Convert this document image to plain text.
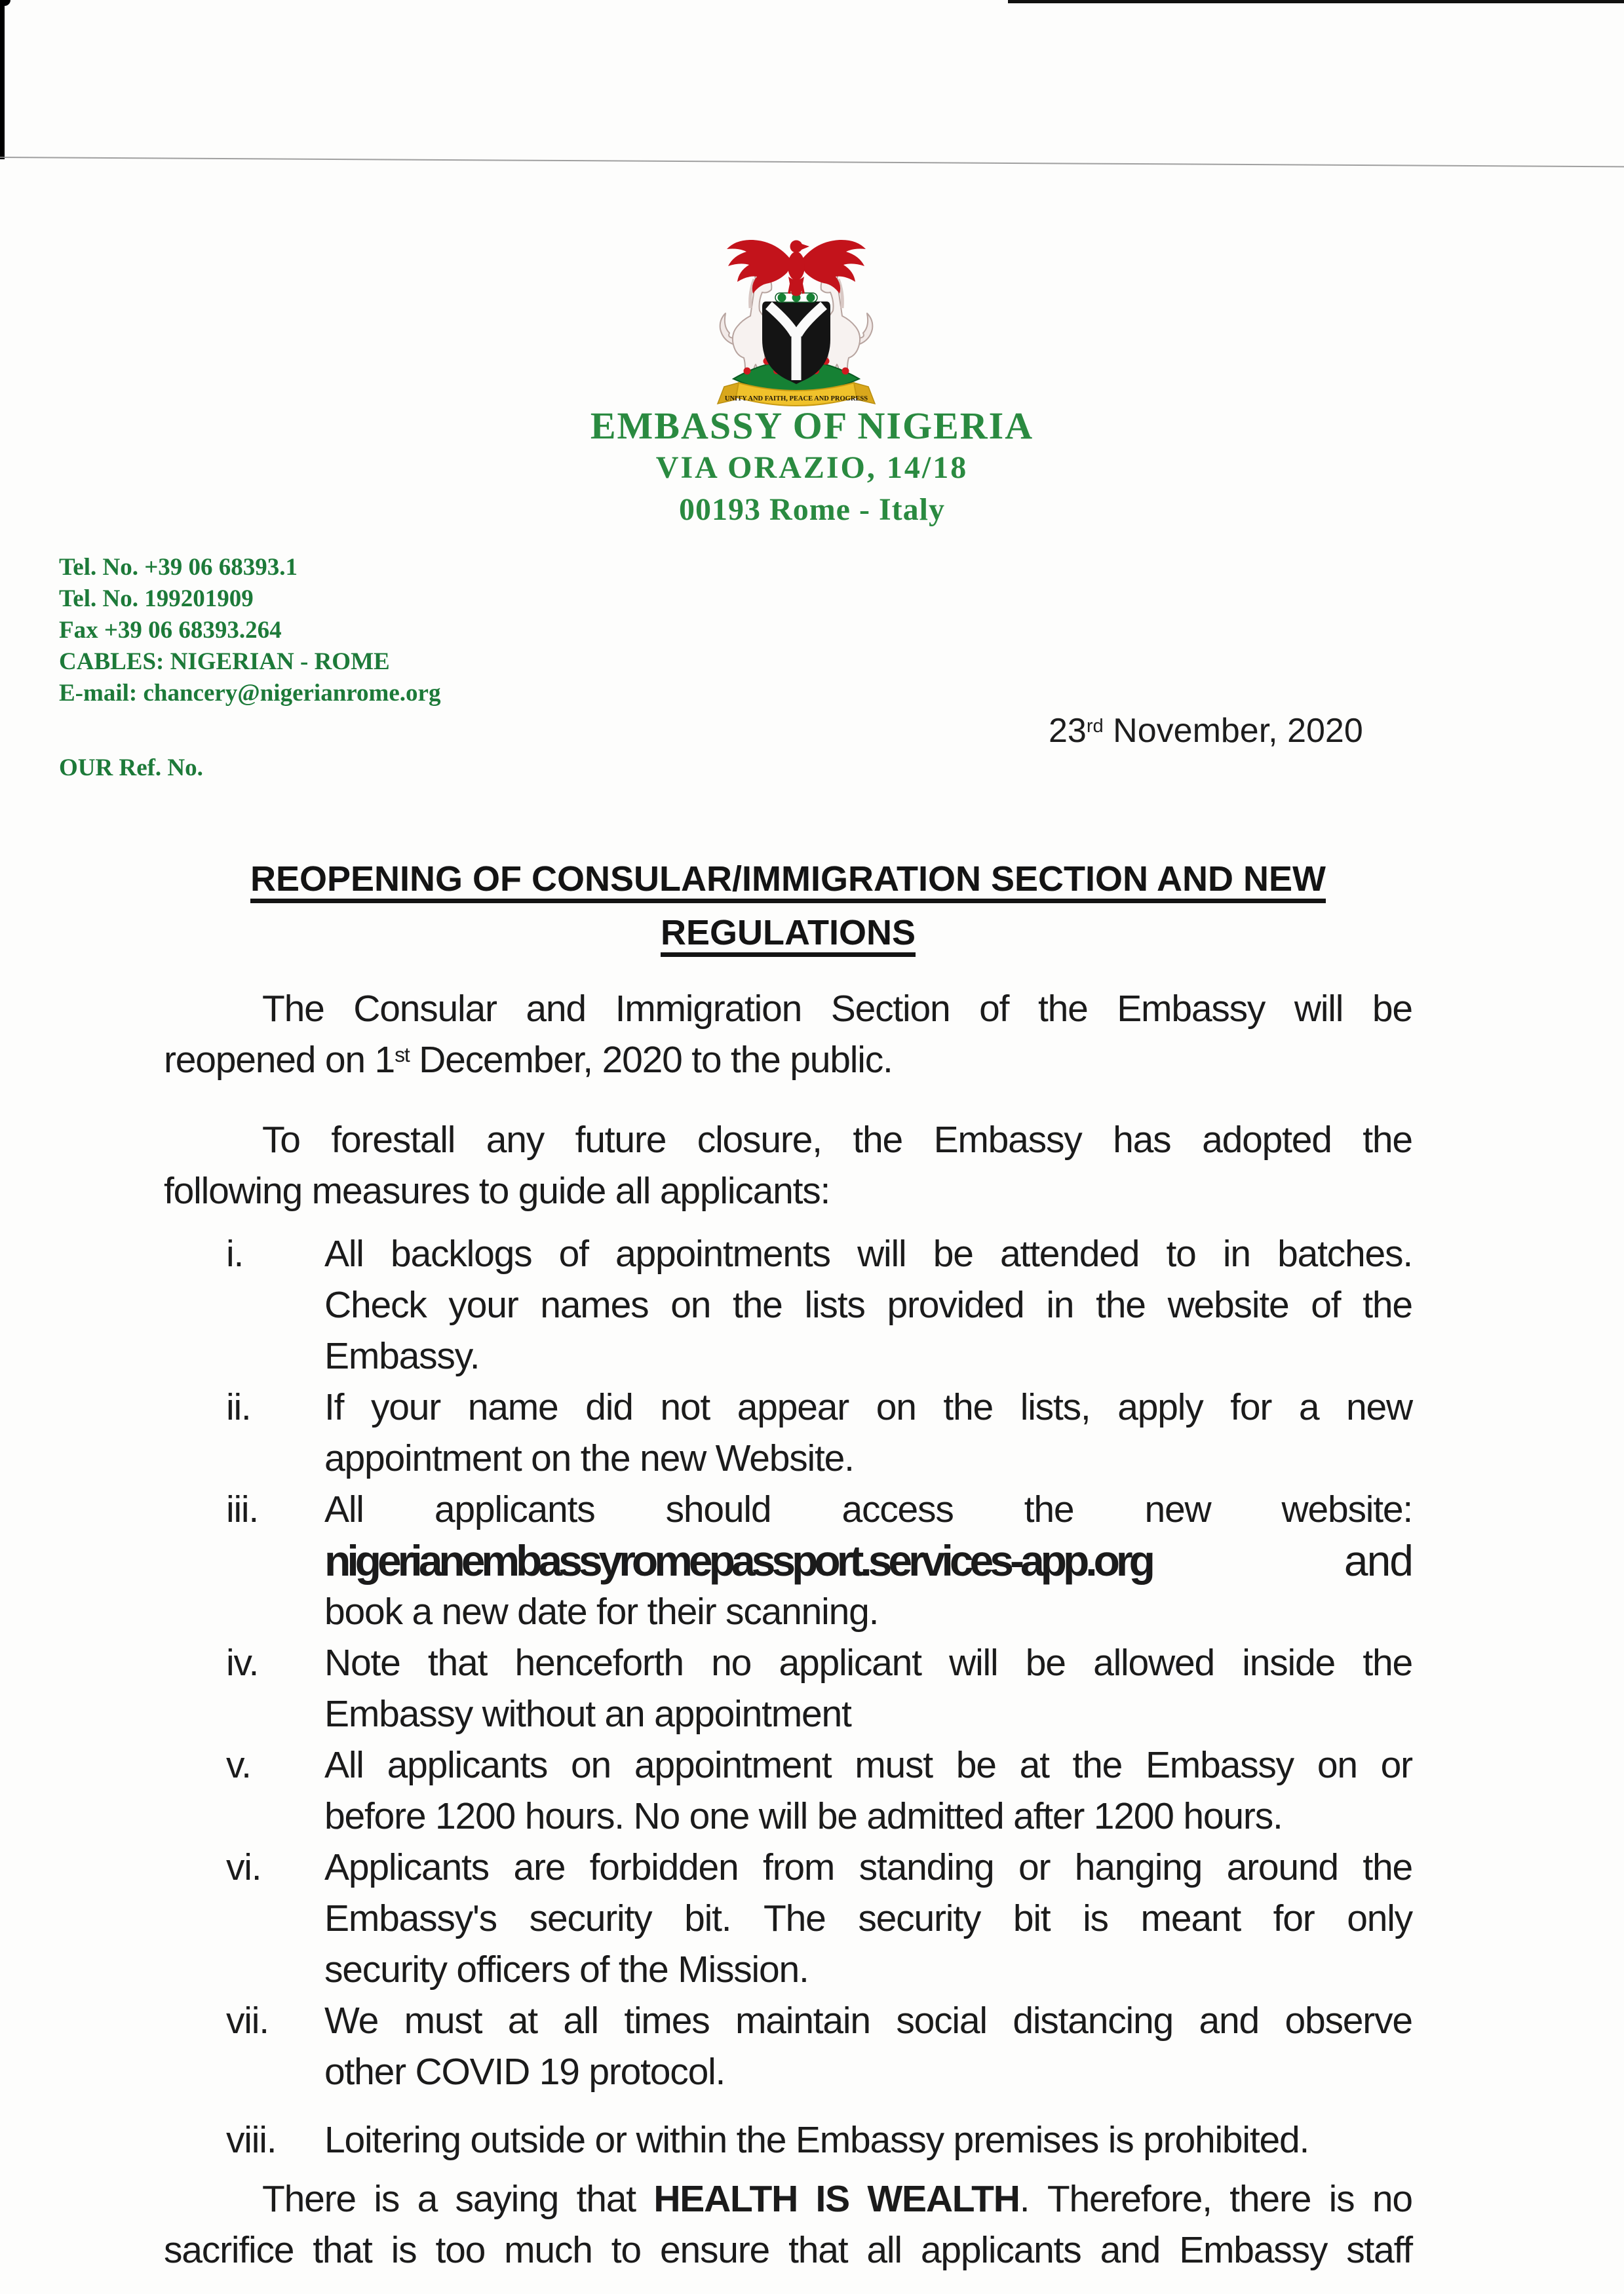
UNITY AND FAITH, PEACE AND PROGRESS
EMBASSY OF NIGERIA
VIA ORAZIO, 14/18
00193 Rome - Italy
Tel. No. +39 06 68393.1
Tel. No. 199201909
Fax +39 06 68393.264
CABLES: NIGERIAN - ROME
E-mail: chancery@nigerianrome.org
23rd November, 2020
OUR Ref. No.
REOPENING OF CONSULAR/IMMIGRATION SECTION AND NEW
REGULATIONS
The Consular and Immigration Section of the Embassy will be
reopened on 1st December, 2020 to the public.
To forestall any future closure, the Embassy has adopted the
following measures to guide all applicants:
i. All backlogs of appointments will be attended to in batches.
Check your names on the lists provided in the website of the
Embassy.
ii. If your name did not appear on the lists, apply for a new
appointment on the new Website.
iii. All applicants should access the new website:
nigerianembassyromepassport.services-app.org	and
book a new date for their scanning.
iv. Note that henceforth no applicant will be allowed inside the
Embassy without an appointment
v. All applicants on appointment must be at the Embassy on or
before 1200 hours. No one will be admitted after 1200 hours.
vi. Applicants are forbidden from standing or hanging around the
Embassy's security bit. The security bit is meant for only
security officers of the Mission.
vii. We must at all times maintain social distancing and observe
other COVID 19 protocol.
viii. Loitering outside or within the Embassy premises is prohibited.
There is a saying that HEALTH IS WEALTH. Therefore, there is no
sacrifice that is too much to ensure that all applicants and Embassy staff
